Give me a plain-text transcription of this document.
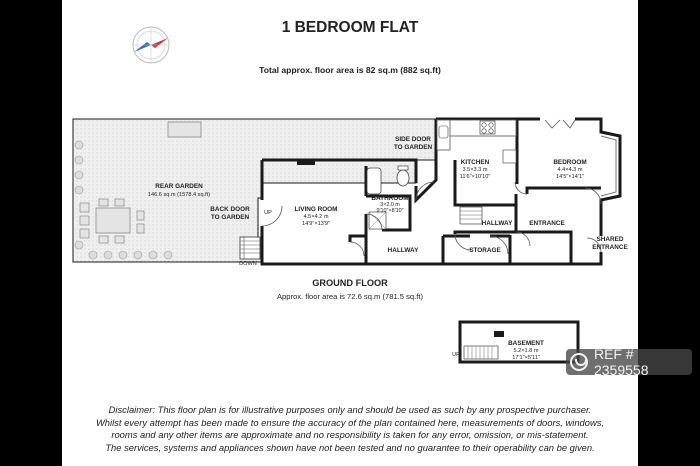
1 BEDROOM FLAT
Total approx. floor area is 82 sq.m (882 sq.ft)
REAR GARDEN
146.6 sq.m (1578.4 sq.ft)
BACK DOOR
TO GARDEN
UP
DOWN
SIDE DOOR
TO GARDEN
LIVING ROOM
4.5×4.2 m
14'9"×13'9"
BATHROOM
3×2.0 m
9'10"×8'10"
KITCHEN
3.5×3.3 m
11'6"×10'10"
BEDROOM
4.4×4.3 m
14'5"×14'1"
HALLWAY
HALLWAY
ENTRANCE
STORAGE
SHARED
ENTRANCE
GROUND FLOOR
Approx. floor area is 72.6 sq.m (781.5 sq.ft)
UP
BASEMENT
5.2×1.8 m
17'1"×5'11"	REF # 2359558
Disclaimer: This floor plan is for illustrative purposes only and should be used as such by any prospective purchaser.
Whilst every attempt has been made to ensure the accuracy of the plan contained here, measurements of doors, windows,
rooms and any other items are approximate and no responsibility is taken for any error, omission, or mis-statement.
The services, systems and appliances shown have not been tested and no guarantee to their operability can be given.
